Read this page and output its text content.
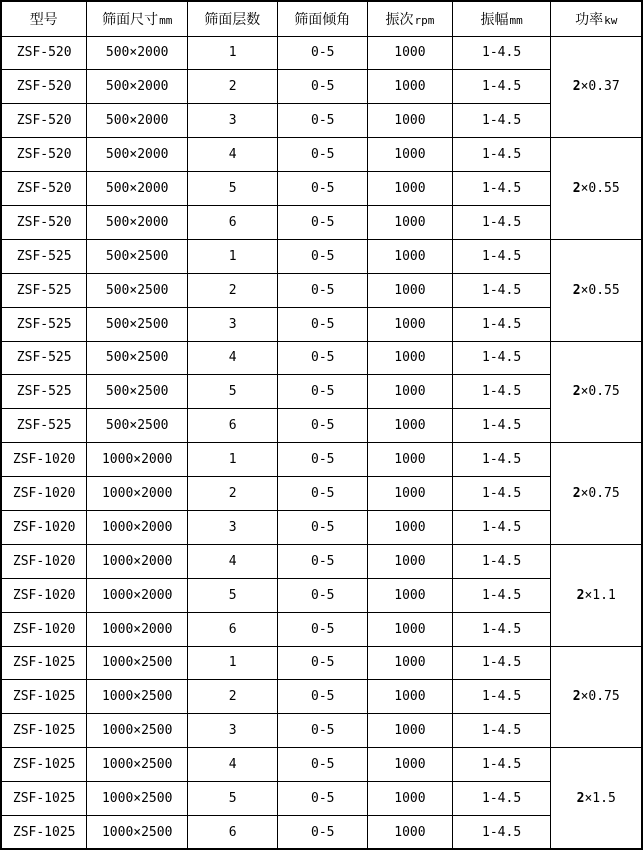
型号	筛面尺寸mm	筛面层数	筛面倾角	振次rpm	振幅mm	功率kw
ZSF-520	500×2000	1	0-5	1000	1-4.5	2×0.37
ZSF-520	500×2000	2	0-5	1000	1-4.5	
ZSF-520	500×2000	3	0-5	1000	1-4.5	
ZSF-520	500×2000	4	0-5	1000	1-4.5	2×0.55
ZSF-520	500×2000	5	0-5	1000	1-4.5	
ZSF-520	500×2000	6	0-5	1000	1-4.5	
ZSF-525	500×2500	1	0-5	1000	1-4.5	2×0.55
ZSF-525	500×2500	2	0-5	1000	1-4.5	
ZSF-525	500×2500	3	0-5	1000	1-4.5	
ZSF-525	500×2500	4	0-5	1000	1-4.5	2×0.75
ZSF-525	500×2500	5	0-5	1000	1-4.5	
ZSF-525	500×2500	6	0-5	1000	1-4.5	
ZSF-1020	1000×2000	1	0-5	1000	1-4.5	2×0.75
ZSF-1020	1000×2000	2	0-5	1000	1-4.5	
ZSF-1020	1000×2000	3	0-5	1000	1-4.5	
ZSF-1020	1000×2000	4	0-5	1000	1-4.5	2×1.1
ZSF-1020	1000×2000	5	0-5	1000	1-4.5	
ZSF-1020	1000×2000	6	0-5	1000	1-4.5	
ZSF-1025	1000×2500	1	0-5	1000	1-4.5	2×0.75
ZSF-1025	1000×2500	2	0-5	1000	1-4.5	
ZSF-1025	1000×2500	3	0-5	1000	1-4.5	
ZSF-1025	1000×2500	4	0-5	1000	1-4.5	2×1.5
ZSF-1025	1000×2500	5	0-5	1000	1-4.5	
ZSF-1025	1000×2500	6	0-5	1000	1-4.5	
